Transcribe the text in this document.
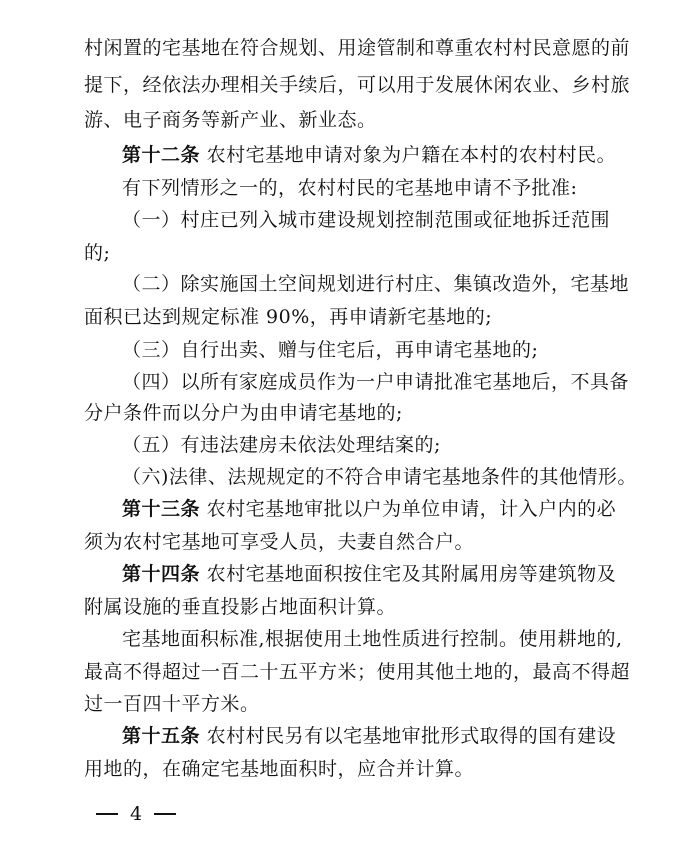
村闲置的宅基地在符合规划、用途管制和尊重农村村民意愿的前
提下，经依法办理相关手续后，可以用于发展休闲农业、乡村旅
游、电子商务等新产业、新业态。
第十二条 农村宅基地申请对象为户籍在本村的农村村民。
有下列情形之一的，农村村民的宅基地申请不予批准:
（一）村庄已列入城市建设规划控制范围或征地拆迁范围
的;
（二）除实施国土空间规划进行村庄、集镇改造外，宅基地
面积已达到规定标准 90%，再申请新宅基地的;
（三）自行出卖、赠与住宅后，再申请宅基地的;
（四）以所有家庭成员作为一户申请批准宅基地后，不具备
分户条件而以分户为由申请宅基地的;
（五）有违法建房未依法处理结案的;
（六)法律、法规规定的不符合申请宅基地条件的其他情形。
第十三条 农村宅基地审批以户为单位申请，计入户内的必
须为农村宅基地可享受人员，夫妻自然合户。
第十四条 农村宅基地面积按住宅及其附属用房等建筑物及
附属设施的垂直投影占地面积计算。
宅基地面积标准,根据使用土地性质进行控制。使用耕地的,
最高不得超过一百二十五平方米；使用其他土地的，最高不得超
过一百四十平方米。
第十五条 农村村民另有以宅基地审批形式取得的国有建设
用地的，在确定宅基地面积时，应合并计算。
4
